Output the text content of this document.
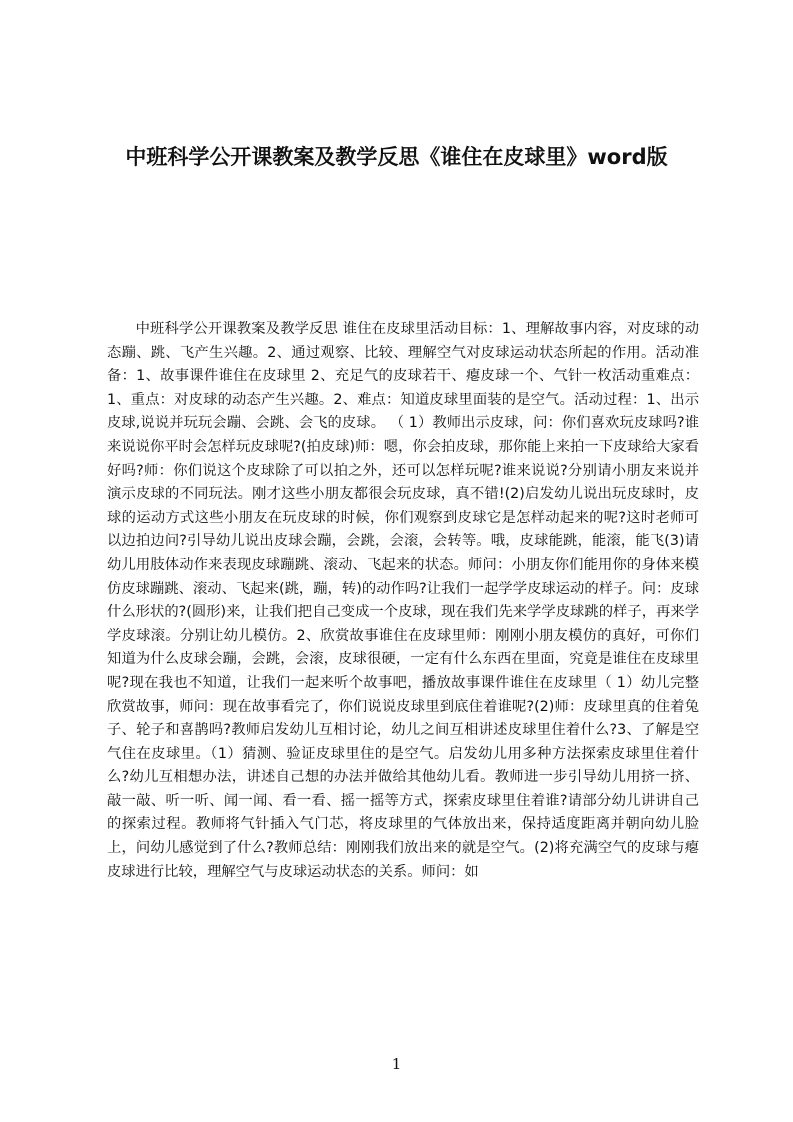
中班科学公开课教案及教学反思《谁住在皮球里》word版

中班科学公开课教案及教学反思 谁住在皮球里活动目标：1、理解故事内容，对皮球的动态蹦、跳、飞产生兴趣。2、通过观察、比较、理解空气对皮球运动状态所起的作用。活动准备：1、故事课件谁住在皮球里 2、充足气的皮球若干、瘪皮球一个、气针一枚活动重难点：1、重点：对皮球的动态产生兴趣。2、难点：知道皮球里面装的是空气。活动过程：1、出示皮球,说说并玩玩会蹦、会跳、会飞的皮球。 （ 1）教师出示皮球，问：你们喜欢玩皮球吗?谁来说说你平时会怎样玩皮球呢?(拍皮球)师：嗯，你会拍皮球，那你能上来拍一下皮球给大家看好吗?师：你们说这个皮球除了可以拍之外，还可以怎样玩呢?谁来说说?分别请小朋友来说并演示皮球的不同玩法。刚才这些小朋友都很会玩皮球，真不错!(2)启发幼儿说出玩皮球时，皮球的运动方式这些小朋友在玩皮球的时候，你们观察到皮球它是怎样动起来的呢?这时老师可以边拍边问?引导幼儿说出皮球会蹦，会跳，会滚，会转等。哦，皮球能跳，能滚，能飞(3)请幼儿用肢体动作来表现皮球蹦跳、滚动、飞起来的状态。师问：小朋友你们能用你的身体来模仿皮球蹦跳、滚动、飞起来(跳，蹦，转)的动作吗?让我们一起学学皮球运动的样子。问：皮球什么形状的?(圆形)来，让我们把自己变成一个皮球，现在我们先来学学皮球跳的样子，再来学学皮球滚。分别让幼儿模仿。2、欣赏故事谁住在皮球里师：刚刚小朋友模仿的真好，可你们知道为什么皮球会蹦，会跳，会滚，皮球很硬，一定有什么东西在里面，究竟是谁住在皮球里呢?现在我也不知道，让我们一起来听个故事吧，播放故事课件谁住在皮球里（ 1）幼儿完整欣赏故事，师问：现在故事看完了，你们说说皮球里到底住着谁呢?(2)师：皮球里真的住着兔子、轮子和喜鹊吗?教师启发幼儿互相讨论，幼儿之间互相讲述皮球里住着什么?3、了解是空气住在皮球里。（1）猜测、验证皮球里住的是空气。启发幼儿用多种方法探索皮球里住着什么?幼儿互相想办法，讲述自己想的办法并做给其他幼儿看。教师进一步引导幼儿用挤一挤、敲一敲、听一听、闻一闻、看一看、摇一摇等方式，探索皮球里住着谁?请部分幼儿讲讲自己的探索过程。教师将气针插入气门芯，将皮球里的气体放出来，保持适度距离并朝向幼儿脸上，问幼儿感觉到了什么?教师总结：刚刚我们放出来的就是空气。(2)将充满空气的皮球与瘪皮球进行比较，理解空气与皮球运动状态的关系。师问：如

1
